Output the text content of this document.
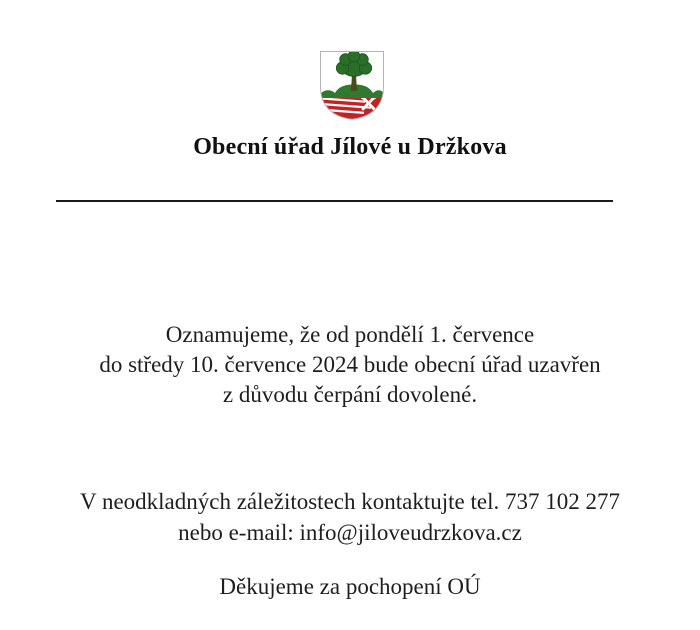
Obecní úřad Jílové u Držkova
Oznamujeme, že od pondělí 1. července
do středy 10. července 2024 bude obecní úřad uzavřen
z důvodu čerpání dovolené.
V neodkladných záležitostech kontaktujte tel. 737 102 277
nebo e-mail: info@jiloveudrzkova.cz
Děkujeme za pochopení OÚ
